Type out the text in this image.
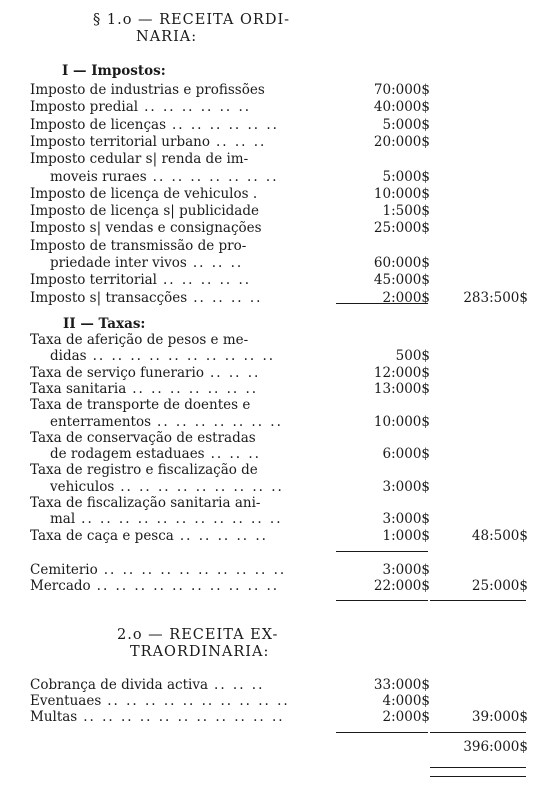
§ 1.o — RECEITA ORDI-
NARIA:
I — Impostos:
Imposto de industrias e profissões	70:000$
Imposto predial .. .. .. .. .. ..	40:000$
Imposto de licenças .. .. .. .. .. ..	5:000$
Imposto territorial urbano .. .. ..	20:000$
Imposto cedular s| renda de im-
moveis ruraes .. .. .. .. .. .. ..	5:000$
Imposto de licença de vehiculos .	10:000$
Imposto de licença s| publicidade	1:500$
Imposto s| vendas e consignações	25:000$
Imposto de transmissão de pro-
priedade inter vivos .. .. ..	60:000$
Imposto territorial .. .. .. .. ..	45:000$
Imposto s| transacções .. .. .. ..	2:000$ 283:500$
II — Taxas:
Taxa de aferição de pesos e me-
didas .. .. .. .. .. .. .. .. .. ..	500$
Taxa de serviço funerario .. .. ..	12:000$
Taxa sanitaria .. .. .. .. .. .. ..	13:000$
Taxa de transporte de doentes e
enterramentos .. .. .. .. .. .. ..	10:000$
Taxa de conservação de estradas
de rodagem estaduaes .. .. ..	6:000$
Taxa de registro e fiscalização de
vehiculos .. .. .. .. .. .. .. .. ..	3:000$
Taxa de fiscalização sanitaria ani-
mal .. .. .. .. .. .. .. .. .. .. ..	3:000$
Taxa de caça e pesca .. .. .. .. ..	1:000$	48:500$
Cemiterio .. .. .. .. .. .. .. .. .. ..	3:000$
Mercado .. .. .. .. .. .. .. .. .. ..	22:000$	25:000$
2.o — RECEITA EX-
TRAORDINARIA:
Cobrança de divida activa .. .. ..	33:000$
Eventuaes .. .. .. .. .. .. .. .. .. ..	4:000$
Multas .. .. .. .. .. .. .. .. .. .. ..	2:000$	39:000$
396:000$
